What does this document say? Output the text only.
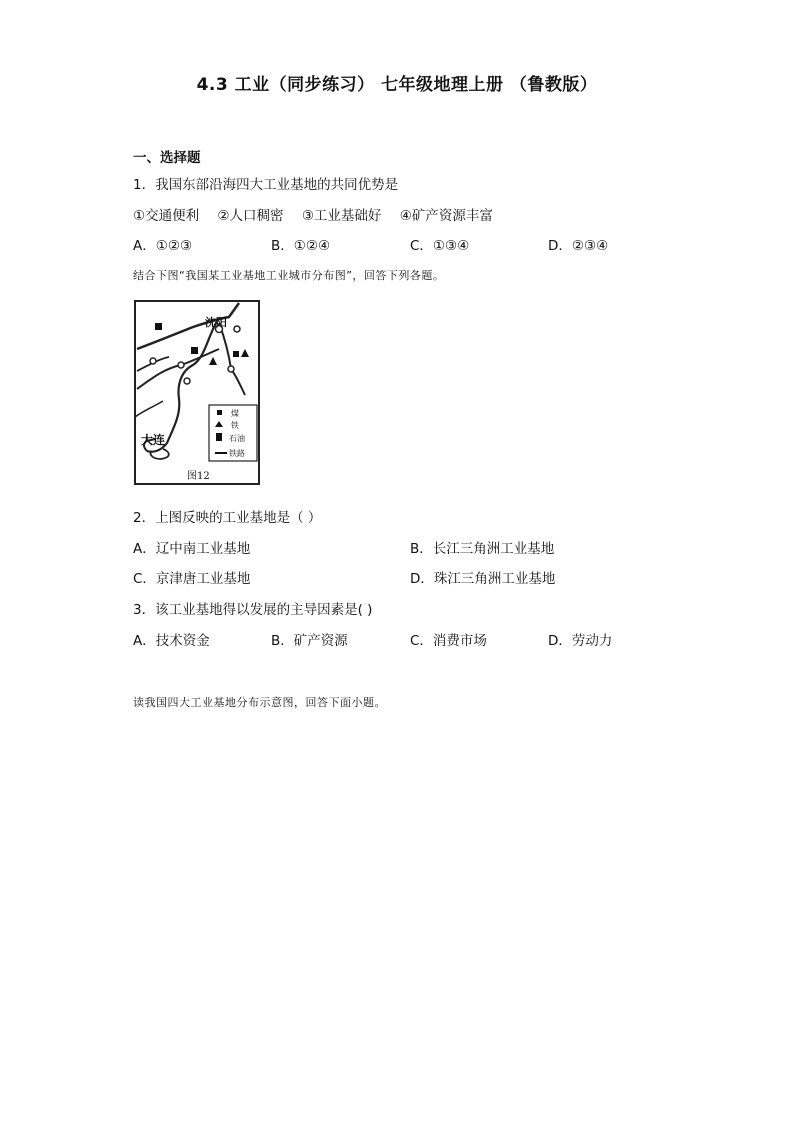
4.3 工业（同步练习） 七年级地理上册 （鲁教版）
一、选择题
1．我国东部沿海四大工业基地的共同优势是
①交通便利 ②人口稠密 ③工业基础好 ④矿产资源丰富
A．①②③	B．①②④	C．①③④	D．②③④
结合下图“我国某工业基地工业城市分布图”，回答下列各题。
沈阳
大连
煤
铁
石油
铁路
图12
2．上图反映的工业基地是（ ）
A．辽中南工业基地	B．长江三角洲工业基地
C．京津唐工业基地	D．珠江三角洲工业基地
3．该工业基地得以发展的主导因素是( )
A．技术资金	B．矿产资源	C．消费市场	D．劳动力
读我国四大工业基地分布示意图，回答下面小题。
